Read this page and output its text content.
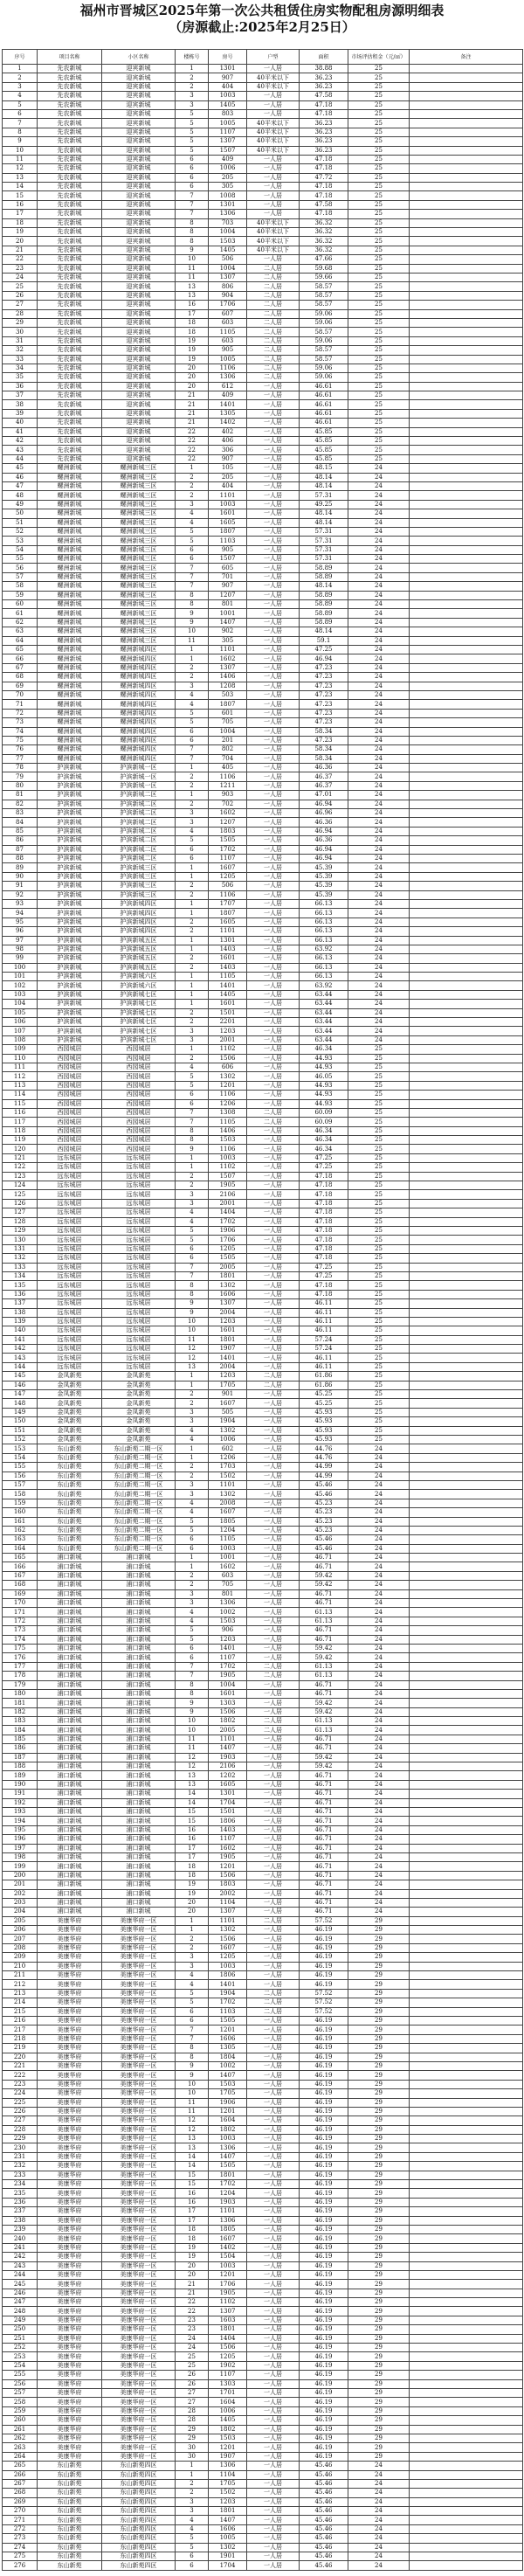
福州市晋城区2025年第一次公共租赁住房实物配租房源明细表
（房源截止:2025年2月25日）
序号	项目名称	小区名称	楼栋号	房号	户型	面积	市场评估租金（元/㎡）	备注
1	先农新城	迎宾新城	1	1301	一人居	38.88	25	
2	先农新城	迎宾新城	2	907	40平米以下	36.23	25	
3	先农新城	迎宾新城	2	404	40平米以下	36.23	25	
4	先农新城	迎宾新城	3	1003	一人居	47.58	25	
5	先农新城	迎宾新城	3	1405	一人居	47.18	25	
6	先农新城	迎宾新城	5	803	一人居	47.18	25	
7	先农新城	迎宾新城	5	1005	40平米以下	36.23	25	
8	先农新城	迎宾新城	5	1107	40平米以下	36.23	25	
9	先农新城	迎宾新城	5	1307	40平米以下	36.23	25	
10	先农新城	迎宾新城	5	1507	40平米以下	36.23	25	
11	先农新城	迎宾新城	6	409	一人居	47.18	25	
12	先农新城	迎宾新城	6	1006	一人居	47.18	25	
13	先农新城	迎宾新城	6	205	一人居	47.72	25	
14	先农新城	迎宾新城	6	305	一人居	47.18	25	
15	先农新城	迎宾新城	7	1008	一人居	47.18	25	
16	先农新城	迎宾新城	7	1301	一人居	47.58	25	
17	先农新城	迎宾新城	7	1306	一人居	47.18	25	
18	先农新城	迎宾新城	8	703	40平米以下	36.32	25	
19	先农新城	迎宾新城	8	1004	40平米以下	36.32	25	
20	先农新城	迎宾新城	8	1503	40平米以下	36.32	25	
21	先农新城	迎宾新城	9	1405	40平米以下	36.32	25	
22	先农新城	迎宾新城	10	506	一人居	47.66	25	
23	先农新城	迎宾新城	11	1004	二人居	59.68	25	
24	先农新城	迎宾新城	11	1307	二人居	59.66	25	
25	先农新城	迎宾新城	13	806	二人居	58.57	25	
26	先农新城	迎宾新城	13	904	二人居	58.57	25	
27	先农新城	迎宾新城	16	1706	二人居	58.57	25	
28	先农新城	迎宾新城	17	607	二人居	59.06	25	
29	先农新城	迎宾新城	18	603	二人居	59.06	25	
30	先农新城	迎宾新城	18	1105	二人居	58.57	25	
31	先农新城	迎宾新城	19	603	二人居	59.06	25	
32	先农新城	迎宾新城	19	905	二人居	58.57	25	
33	先农新城	迎宾新城	19	1005	二人居	58.57	25	
34	先农新城	迎宾新城	20	1106	二人居	59.06	25	
35	先农新城	迎宾新城	20	1306	二人居	59.06	25	
36	先农新城	迎宾新城	20	612	一人居	46.61	25	
37	先农新城	迎宾新城	21	409	一人居	46.61	25	
38	先农新城	迎宾新城	21	1401	一人居	46.61	25	
39	先农新城	迎宾新城	21	1305	一人居	46.61	25	
40	先农新城	迎宾新城	21	1402	一人居	46.61	25	
41	先农新城	迎宾新城	22	402	一人居	45.85	25	
42	先农新城	迎宾新城	22	406	一人居	45.85	25	
43	先农新城	迎宾新城	22	306	一人居	45.85	25	
44	先农新城	迎宾新城	22	907	一人居	45.85	25	
45	螺洲新城	螺洲新城三区	1	105	一人居	48.15	24	
46	螺洲新城	螺洲新城三区	2	205	一人居	48.14	24	
47	螺洲新城	螺洲新城三区	2	404	一人居	48.14	24	
48	螺洲新城	螺洲新城三区	2	1101	一人居	57.31	24	
49	螺洲新城	螺洲新城三区	3	1003	一人居	49.25	24	
50	螺洲新城	螺洲新城三区	4	1601	一人居	48.14	24	
51	螺洲新城	螺洲新城三区	4	1605	一人居	48.14	24	
52	螺洲新城	螺洲新城三区	5	1807	一人居	57.31	24	
53	螺洲新城	螺洲新城三区	5	1103	一人居	57.31	24	
54	螺洲新城	螺洲新城三区	6	905	一人居	57.31	24	
55	螺洲新城	螺洲新城三区	6	1507	一人居	57.31	24	
56	螺洲新城	螺洲新城三区	7	605	一人居	58.89	24	
57	螺洲新城	螺洲新城三区	7	701	一人居	58.89	24	
58	螺洲新城	螺洲新城三区	7	907	一人居	48.14	24	
59	螺洲新城	螺洲新城三区	8	1207	一人居	58.89	24	
60	螺洲新城	螺洲新城三区	8	801	一人居	58.89	24	
61	螺洲新城	螺洲新城三区	9	1001	一人居	58.89	24	
62	螺洲新城	螺洲新城三区	9	1407	一人居	58.89	24	
63	螺洲新城	螺洲新城三区	10	902	一人居	48.14	24	
64	螺洲新城	螺洲新城三区	11	305	一人居	59.1	24	
65	螺洲新城	螺洲新城四区	1	1101	一人居	47.25	24	
66	螺洲新城	螺洲新城四区	1	1602	一人居	46.94	24	
67	螺洲新城	螺洲新城四区	2	1307	一人居	47.23	24	
68	螺洲新城	螺洲新城四区	2	1406	一人居	47.23	24	
69	螺洲新城	螺洲新城四区	3	1208	一人居	47.23	24	
70	螺洲新城	螺洲新城四区	4	503	一人居	47.23	24	
71	螺洲新城	螺洲新城四区	4	1807	一人居	47.23	24	
72	螺洲新城	螺洲新城四区	5	601	一人居	47.23	24	
73	螺洲新城	螺洲新城四区	5	705	一人居	47.23	24	
74	螺洲新城	螺洲新城四区	6	1004	一人居	58.34	24	
75	螺洲新城	螺洲新城四区	6	201	一人居	47.23	24	
76	螺洲新城	螺洲新城四区	7	802	一人居	58.34	24	
77	螺洲新城	螺洲新城四区	7	704	一人居	58.34	24	
78	护滨新城	护滨新城一区	1	405	一人居	46.36	24	
79	护滨新城	护滨新城一区	2	1106	一人居	46.37	24	
80	护滨新城	护滨新城一区	2	1211	一人居	46.37	24	
81	护滨新城	护滨新城二区	1	903	一人居	47.01	24	
82	护滨新城	护滨新城二区	2	702	一人居	46.94	24	
83	护滨新城	护滨新城二区	3	1602	一人居	46.96	24	
84	护滨新城	护滨新城二区	3	1207	一人居	46.36	24	
85	护滨新城	护滨新城二区	4	1803	一人居	46.94	24	
86	护滨新城	护滨新城二区	5	1505	一人居	46.36	24	
87	护滨新城	护滨新城二区	6	1702	一人居	46.94	24	
88	护滨新城	护滨新城二区	6	1107	一人居	46.94	24	
89	护滨新城	护滨新城三区	1	1607	一人居	45.39	24	
90	护滨新城	护滨新城三区	1	1205	一人居	45.39	24	
91	护滨新城	护滨新城三区	2	506	一人居	45.39	24	
92	护滨新城	护滨新城三区	2	1106	一人居	45.39	24	
93	护滨新城	护滨新城四区	1	1707	一人居	66.13	24	
94	护滨新城	护滨新城四区	1	1807	一人居	66.13	24	
95	护滨新城	护滨新城四区	2	1605	一人居	66.13	24	
96	护滨新城	护滨新城四区	2	1101	一人居	66.13	24	
97	护滨新城	护滨新城五区	1	1301	一人居	66.13	24	
98	护滨新城	护滨新城五区	1	1403	一人居	63.92	24	
99	护滨新城	护滨新城五区	2	1601	一人居	66.13	24	
100	护滨新城	护滨新城五区	2	1403	一人居	66.13	24	
101	护滨新城	护滨新城六区	1	1105	一人居	66.13	24	
102	护滨新城	护滨新城六区	1	1401	一人居	63.92	24	
103	护滨新城	护滨新城七区	1	1405	一人居	63.44	24	
104	护滨新城	护滨新城七区	1	1601	一人居	63.44	24	
105	护滨新城	护滨新城七区	2	1501	一人居	63.44	24	
106	护滨新城	护滨新城七区	2	2201	一人居	63.44	24	
107	护滨新城	护滨新城七区	3	1203	一人居	63.44	24	
108	护滨新城	护滨新城七区	3	2001	一人居	63.44	24	
109	西园城居	西园城居	1	1102	一人居	46.34	25	
110	西园城居	西园城居	2	1506	一人居	44.93	25	
111	西园城居	西园城居	4	606	一人居	44.93	25	
112	西园城居	西园城居	5	1302	一人居	46.05	25	
113	西园城居	西园城居	5	1201	一人居	44.93	25	
114	西园城居	西园城居	6	1106	一人居	44.93	25	
115	西园城居	西园城居	6	1206	一人居	44.93	25	
116	西园城居	西园城居	7	1308	二人居	60.09	25	
117	西园城居	西园城居	7	1105	二人居	60.09	25	
118	西园城居	西园城居	8	1406	一人居	46.34	25	
119	西园城居	西园城居	8	1503	一人居	46.34	25	
120	西园城居	西园城居	9	1106	一人居	46.34	25	
121	远东城居	远东城居	1	1003	一人居	47.25	25	
122	远东城居	远东城居	1	1102	一人居	47.25	25	
123	远东城居	远东城居	2	1507	一人居	47.18	25	
124	远东城居	远东城居	2	1905	一人居	47.18	25	
125	远东城居	远东城居	3	2106	一人居	47.18	25	
126	远东城居	远东城居	3	2001	一人居	47.18	25	
127	远东城居	远东城居	4	1404	一人居	47.18	25	
128	远东城居	远东城居	4	1702	一人居	47.18	25	
129	远东城居	远东城居	5	1906	一人居	47.18	25	
130	远东城居	远东城居	5	1706	一人居	47.18	25	
131	远东城居	远东城居	6	1205	一人居	47.18	25	
132	远东城居	远东城居	6	1505	一人居	47.18	25	
133	远东城居	远东城居	7	2005	一人居	47.25	25	
134	远东城居	远东城居	7	1801	一人居	47.25	25	
135	远东城居	远东城居	8	1302	一人居	47.18	25	
136	远东城居	远东城居	8	1606	一人居	47.18	25	
137	远东城居	远东城居	9	1307	一人居	46.11	25	
138	远东城居	远东城居	9	2004	一人居	46.11	25	
139	远东城居	远东城居	10	1203	一人居	46.11	25	
140	远东城居	远东城居	10	1601	一人居	46.11	25	
141	远东城居	远东城居	11	1801	一人居	57.24	25	
142	远东城居	远东城居	12	1907	一人居	57.24	25	
143	远东城居	远东城居	12	1401	一人居	46.11	25	
144	远东城居	远东城居	13	2004	一人居	46.11	25	
145	金凤新苑	金凤新苑	1	1203	二人居	61.86	25	
146	金凤新苑	金凤新苑	1	1705	二人居	61.86	25	
147	金凤新苑	金凤新苑	2	901	一人居	45.25	25	
148	金凤新苑	金凤新苑	2	1607	一人居	45.25	25	
149	金凤新苑	金凤新苑	3	505	一人居	45.93	25	
150	金凤新苑	金凤新苑	3	1904	一人居	45.93	25	
151	金凤新苑	金凤新苑	4	1302	一人居	45.93	25	
152	金凤新苑	金凤新苑	4	1006	一人居	45.93	25	
153	东山新苑	东山新苑二期一区	1	602	一人居	44.76	24	
154	东山新苑	东山新苑二期一区	1	1206	一人居	44.76	24	
155	东山新苑	东山新苑二期一区	2	1703	一人居	44.99	24	
156	东山新苑	东山新苑二期一区	2	1502	一人居	44.99	24	
157	东山新苑	东山新苑二期一区	3	1101	一人居	45.46	24	
158	东山新苑	东山新苑二期一区	3	1302	一人居	45.46	24	
159	东山新苑	东山新苑二期一区	4	2008	一人居	45.23	24	
160	东山新苑	东山新苑二期一区	4	1607	一人居	45.23	24	
161	东山新苑	东山新苑二期一区	5	1805	一人居	45.23	24	
162	东山新苑	东山新苑二期一区	5	1204	一人居	45.23	24	
163	东山新苑	东山新苑二期一区	6	1105	一人居	45.46	24	
164	东山新苑	东山新苑二期一区	6	1003	一人居	45.46	24	
165	浦口新城	浦口新城	1	1001	一人居	46.71	24	
166	浦口新城	浦口新城	1	1602	一人居	46.71	24	
167	浦口新城	浦口新城	2	603	一人居	59.42	24	
168	浦口新城	浦口新城	2	705	一人居	59.42	24	
169	浦口新城	浦口新城	3	801	一人居	46.71	24	
170	浦口新城	浦口新城	3	1306	一人居	46.71	24	
171	浦口新城	浦口新城	4	1002	一人居	61.13	24	
172	浦口新城	浦口新城	4	1503	一人居	61.13	24	
173	浦口新城	浦口新城	5	906	一人居	46.71	24	
174	浦口新城	浦口新城	5	1203	一人居	46.71	24	
175	浦口新城	浦口新城	6	1401	一人居	59.42	24	
176	浦口新城	浦口新城	6	1107	一人居	59.42	24	
177	浦口新城	浦口新城	7	1702	二人居	61.13	24	
178	浦口新城	浦口新城	7	1905	二人居	61.13	24	
179	浦口新城	浦口新城	8	1004	一人居	46.71	24	
180	浦口新城	浦口新城	8	1601	一人居	46.71	24	
181	浦口新城	浦口新城	9	1303	一人居	59.42	24	
182	浦口新城	浦口新城	9	1506	一人居	59.42	24	
183	浦口新城	浦口新城	10	1802	二人居	61.13	24	
184	浦口新城	浦口新城	10	2005	二人居	61.13	24	
185	浦口新城	浦口新城	11	1101	一人居	46.71	24	
186	浦口新城	浦口新城	11	1407	一人居	46.71	24	
187	浦口新城	浦口新城	12	1903	一人居	59.42	24	
188	浦口新城	浦口新城	12	2106	一人居	59.42	24	
189	浦口新城	浦口新城	13	1202	一人居	46.71	24	
190	浦口新城	浦口新城	13	1605	一人居	46.71	24	
191	浦口新城	浦口新城	14	1301	一人居	46.71	24	
192	浦口新城	浦口新城	14	1704	一人居	46.71	24	
193	浦口新城	浦口新城	15	1501	一人居	46.71	24	
194	浦口新城	浦口新城	15	1806	一人居	46.71	24	
195	浦口新城	浦口新城	16	1403	一人居	46.71	24	
196	浦口新城	浦口新城	16	1107	一人居	46.71	24	
197	浦口新城	浦口新城	17	1602	一人居	46.71	24	
198	浦口新城	浦口新城	17	1905	一人居	46.71	24	
199	浦口新城	浦口新城	18	1201	一人居	46.71	24	
200	浦口新城	浦口新城	18	1506	一人居	46.71	24	
201	浦口新城	浦口新城	19	1803	一人居	46.71	24	
202	浦口新城	浦口新城	19	2002	一人居	46.71	24	
203	浦口新城	浦口新城	20	1104	一人居	46.71	24	
204	浦口新城	浦口新城	20	1307	一人居	46.71	24	
205	美康华府	美康华府一区	1	1101	二人居	57.52	29	
206	美康华府	美康华府一区	1	1302	一人居	46.19	29	
207	美康华府	美康华府一区	2	1506	一人居	46.19	29	
208	美康华府	美康华府一区	2	1607	一人居	46.19	29	
209	美康华府	美康华府一区	3	1205	一人居	46.19	29	
210	美康华府	美康华府一区	3	1003	一人居	46.19	29	
211	美康华府	美康华府一区	4	1806	一人居	46.19	29	
212	美康华府	美康华府一区	4	1401	一人居	46.19	29	
213	美康华府	美康华府一区	5	1904	二人居	57.52	29	
214	美康华府	美康华府一区	5	1702	二人居	57.52	29	
215	美康华府	美康华府一区	6	1103	二人居	57.52	29	
216	美康华府	美康华府一区	6	1505	一人居	46.19	29	
217	美康华府	美康华府一区	7	1201	一人居	46.19	29	
218	美康华府	美康华府一区	7	1606	一人居	46.19	29	
219	美康华府	美康华府一区	8	1305	一人居	46.19	29	
220	美康华府	美康华府一区	8	1804	一人居	46.19	29	
221	美康华府	美康华府一区	9	1002	一人居	46.19	29	
222	美康华府	美康华府一区	9	1407	一人居	46.19	29	
223	美康华府	美康华府一区	10	1503	一人居	46.19	29	
224	美康华府	美康华府一区	10	1705	一人居	46.19	29	
225	美康华府	美康华府一区	11	1906	一人居	46.19	29	
226	美康华府	美康华府一区	11	1201	一人居	46.19	29	
227	美康华府	美康华府一区	12	1604	一人居	46.19	29	
228	美康华府	美康华府一区	12	1802	一人居	46.19	29	
229	美康华府	美康华府一区	13	1003	一人居	46.19	29	
230	美康华府	美康华府一区	13	1306	一人居	46.19	29	
231	美康华府	美康华府一区	14	1407	一人居	46.19	29	
232	美康华府	美康华府一区	14	1505	一人居	46.19	29	
233	美康华府	美康华府一区	15	1801	一人居	46.19	29	
234	美康华府	美康华府一区	15	1702	一人居	46.19	29	
235	美康华府	美康华府一区	16	1204	一人居	46.19	29	
236	美康华府	美康华府一区	16	1903	一人居	46.19	29	
237	美康华府	美康华府一区	17	1101	一人居	46.19	29	
238	美康华府	美康华府一区	17	1306	一人居	46.19	29	
239	美康华府	美康华府一区	18	1805	一人居	46.19	29	
240	美康华府	美康华府一区	18	1607	一人居	46.19	29	
241	美康华府	美康华府一区	19	1402	一人居	46.19	29	
242	美康华府	美康华府一区	19	1504	一人居	46.19	29	
243	美康华府	美康华府一区	20	1003	一人居	46.19	29	
244	美康华府	美康华府一区	20	1201	一人居	46.19	29	
245	美康华府	美康华府一区	21	1706	一人居	46.19	29	
246	美康华府	美康华府一区	21	1905	一人居	46.19	29	
247	美康华府	美康华府一区	22	1102	一人居	46.19	29	
248	美康华府	美康华府一区	22	1307	一人居	46.19	29	
249	美康华府	美康华府一区	23	1603	一人居	46.19	29	
250	美康华府	美康华府一区	23	1801	一人居	46.19	29	
251	美康华府	美康华府一区	24	1404	一人居	46.19	29	
252	美康华府	美康华府一区	24	1506	一人居	46.19	29	
253	美康华府	美康华府一区	25	1205	一人居	46.19	29	
254	美康华府	美康华府一区	25	1902	一人居	46.19	29	
255	美康华府	美康华府一区	26	1107	一人居	46.19	29	
256	美康华府	美康华府一区	26	1303	一人居	46.19	29	
257	美康华府	美康华府一区	27	1701	一人居	46.19	29	
258	美康华府	美康华府一区	27	1604	一人居	46.19	29	
259	美康华府	美康华府一区	28	1006	一人居	46.19	29	
260	美康华府	美康华府一区	28	1405	一人居	46.19	29	
261	美康华府	美康华府一区	29	1802	一人居	46.19	29	
262	美康华府	美康华府一区	29	1503	一人居	46.19	29	
263	美康华府	美康华府一区	30	1201	一人居	46.19	29	
264	美康华府	美康华府一区	30	1907	一人居	46.19	29	
265	东山新苑	东山新苑四区	1	1306	一人居	45.46	24	
266	东山新苑	东山新苑四区	1	1104	一人居	45.46	24	
267	东山新苑	东山新苑四区	2	1705	一人居	45.46	24	
268	东山新苑	东山新苑四区	2	1502	一人居	45.46	24	
269	东山新苑	东山新苑四区	3	1203	一人居	45.46	24	
270	东山新苑	东山新苑四区	3	1801	一人居	45.46	24	
271	东山新苑	东山新苑四区	4	1407	一人居	45.46	24	
272	东山新苑	东山新苑四区	4	1606	一人居	45.46	24	
273	东山新苑	东山新苑四区	5	1005	一人居	45.46	24	
274	东山新苑	东山新苑四区	5	1302	一人居	45.46	24	
275	东山新苑	东山新苑四区	6	1901	一人居	45.46	24	
276	东山新苑	东山新苑四区	6	1704	一人居	45.46	24	
